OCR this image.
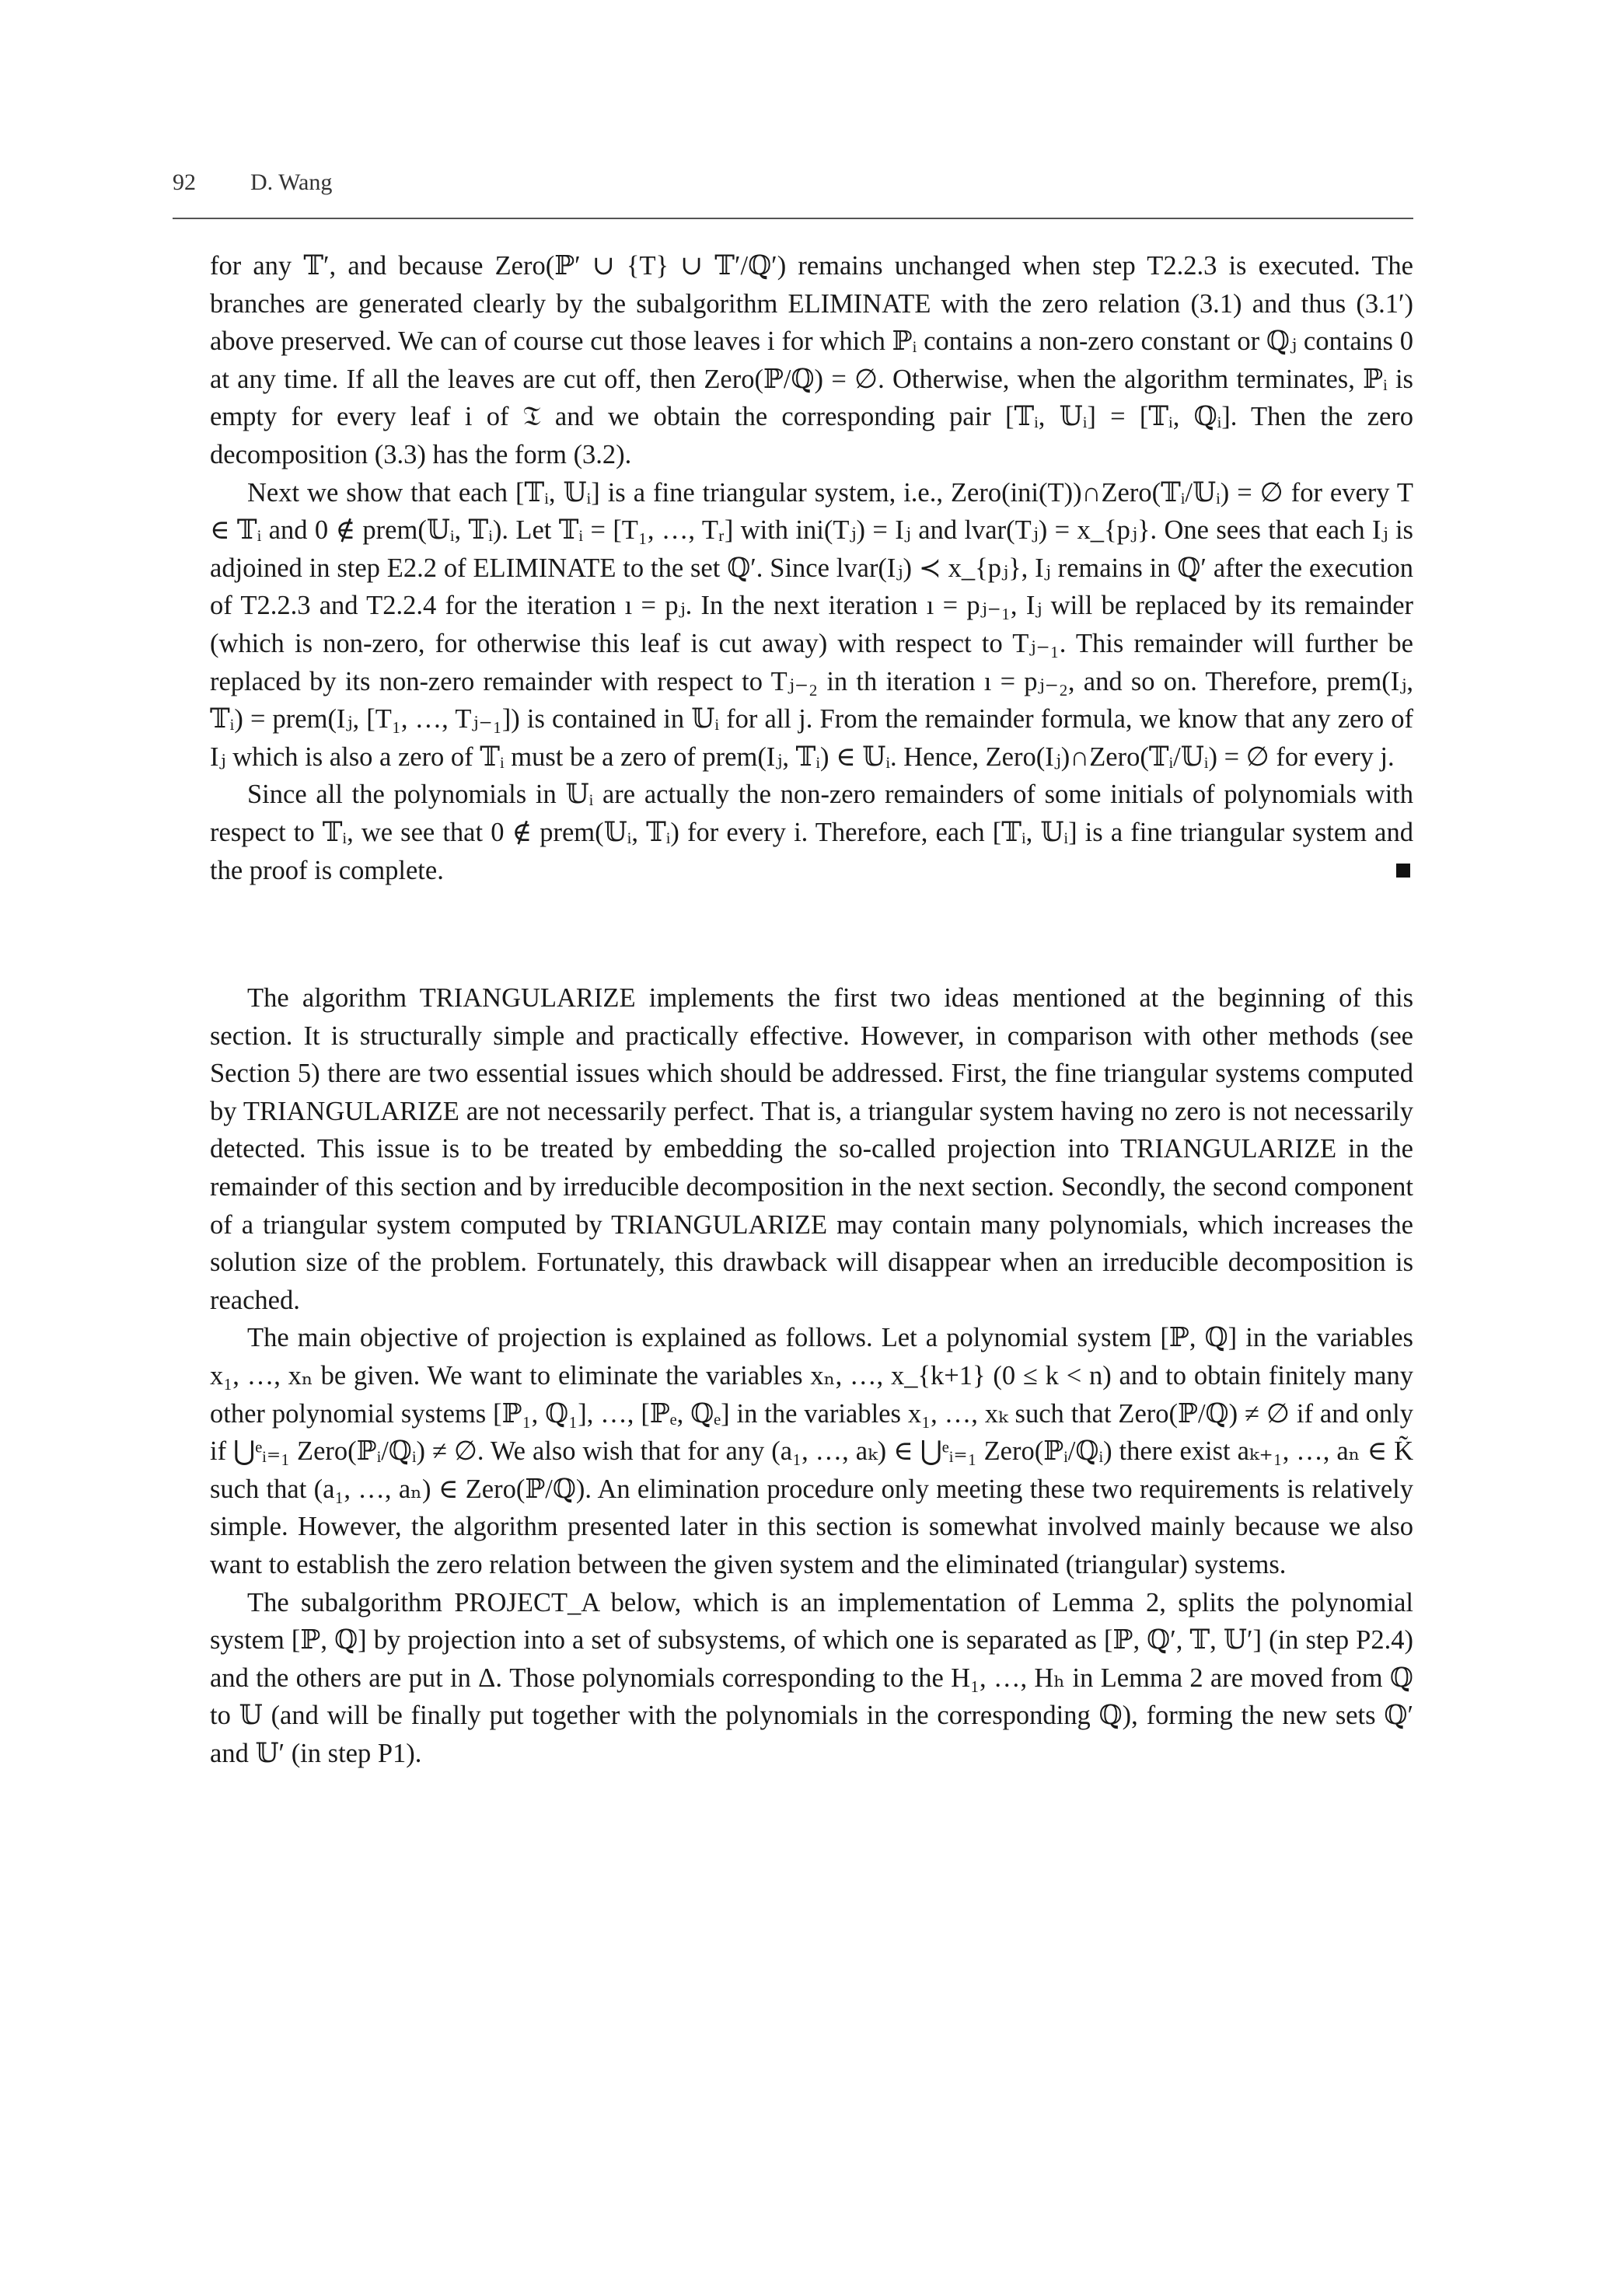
92 D. Wang

for any 𝕋′, and because Zero(ℙ′ ∪ {T} ∪ 𝕋′/ℚ′) remains unchanged when step T2.2.3 is executed. The branches are generated clearly by the subalgorithm ELIMINATE with the zero relation (3.1) and thus (3.1′) above preserved. We can of course cut those leaves i for which ℙᵢ contains a non-zero constant or ℚⱼ contains 0 at any time. If all the leaves are cut off, then Zero(ℙ/ℚ) = ∅. Otherwise, when the algorithm terminates, ℙᵢ is empty for every leaf i of 𝔗 and we obtain the corresponding pair [𝕋ᵢ, 𝕌ᵢ] = [𝕋ᵢ, ℚᵢ]. Then the zero decomposition (3.3) has the form (3.2).

Next we show that each [𝕋ᵢ, 𝕌ᵢ] is a fine triangular system, i.e., Zero(ini(T))∩Zero(𝕋ᵢ/𝕌ᵢ) = ∅ for every T ∈ 𝕋ᵢ and 0 ∉ prem(𝕌ᵢ, 𝕋ᵢ). Let 𝕋ᵢ = [T₁, …, Tᵣ] with ini(Tⱼ) = Iⱼ and lvar(Tⱼ) = x_{pⱼ}. One sees that each Iⱼ is adjoined in step E2.2 of ELIMINATE to the set ℚ′. Since lvar(Iⱼ) ≺ x_{pⱼ}, Iⱼ remains in ℚ′ after the execution of T2.2.3 and T2.2.4 for the iteration ı = pⱼ. In the next iteration ı = pⱼ₋₁, Iⱼ will be replaced by its remainder (which is non-zero, for otherwise this leaf is cut away) with respect to Tⱼ₋₁. This remainder will further be replaced by its non-zero remainder with respect to Tⱼ₋₂ in th iteration ı = pⱼ₋₂, and so on. Therefore, prem(Iⱼ, 𝕋ᵢ) = prem(Iⱼ, [T₁, …, Tⱼ₋₁]) is contained in 𝕌ᵢ for all j. From the remainder formula, we know that any zero of Iⱼ which is also a zero of 𝕋ᵢ must be a zero of prem(Iⱼ, 𝕋ᵢ) ∈ 𝕌ᵢ. Hence, Zero(Iⱼ)∩Zero(𝕋ᵢ/𝕌ᵢ) = ∅ for every j.

Since all the polynomials in 𝕌ᵢ are actually the non-zero remainders of some initials of polynomials with respect to 𝕋ᵢ, we see that 0 ∉ prem(𝕌ᵢ, 𝕋ᵢ) for every i. Therefore, each [𝕋ᵢ, 𝕌ᵢ] is a fine triangular system and the proof is complete.

The algorithm TRIANGULARIZE implements the first two ideas mentioned at the beginning of this section. It is structurally simple and practically effective. However, in comparison with other methods (see Section 5) there are two essential issues which should be addressed. First, the fine triangular systems computed by TRIANGULARIZE are not necessarily perfect. That is, a triangular system having no zero is not necessarily detected. This issue is to be treated by embedding the so-called projection into TRIANGULARIZE in the remainder of this section and by irreducible decomposition in the next section. Secondly, the second component of a triangular system computed by TRIANGULARIZE may contain many polynomials, which increases the solution size of the problem. Fortunately, this drawback will disappear when an irreducible decomposition is reached.

The main objective of projection is explained as follows. Let a polynomial system [ℙ, ℚ] in the variables x₁, …, xₙ be given. We want to eliminate the variables xₙ, …, x_{k+1} (0 ≤ k < n) and to obtain finitely many other polynomial systems [ℙ₁, ℚ₁], …, [ℙₑ, ℚₑ] in the variables x₁, …, xₖ such that Zero(ℙ/ℚ) ≠ ∅ if and only if ⋃ᵉᵢ₌₁ Zero(ℙᵢ/ℚᵢ) ≠ ∅. We also wish that for any (a₁, …, aₖ) ∈ ⋃ᵉᵢ₌₁ Zero(ℙᵢ/ℚᵢ) there exist aₖ₊₁, …, aₙ ∈ K̃ such that (a₁, …, aₙ) ∈ Zero(ℙ/ℚ). An elimination procedure only meeting these two requirements is relatively simple. However, the algorithm presented later in this section is somewhat involved mainly because we also want to establish the zero relation between the given system and the eliminated (triangular) systems.

The subalgorithm PROJECT_A below, which is an implementation of Lemma 2, splits the polynomial system [ℙ, ℚ] by projection into a set of subsystems, of which one is separated as [ℙ, ℚ′, 𝕋, 𝕌′] (in step P2.4) and the others are put in Δ. Those polynomials corresponding to the H₁, …, Hₕ in Lemma 2 are moved from ℚ to 𝕌 (and will be finally put together with the polynomials in the corresponding ℚ), forming the new sets ℚ′ and 𝕌′ (in step P1).
